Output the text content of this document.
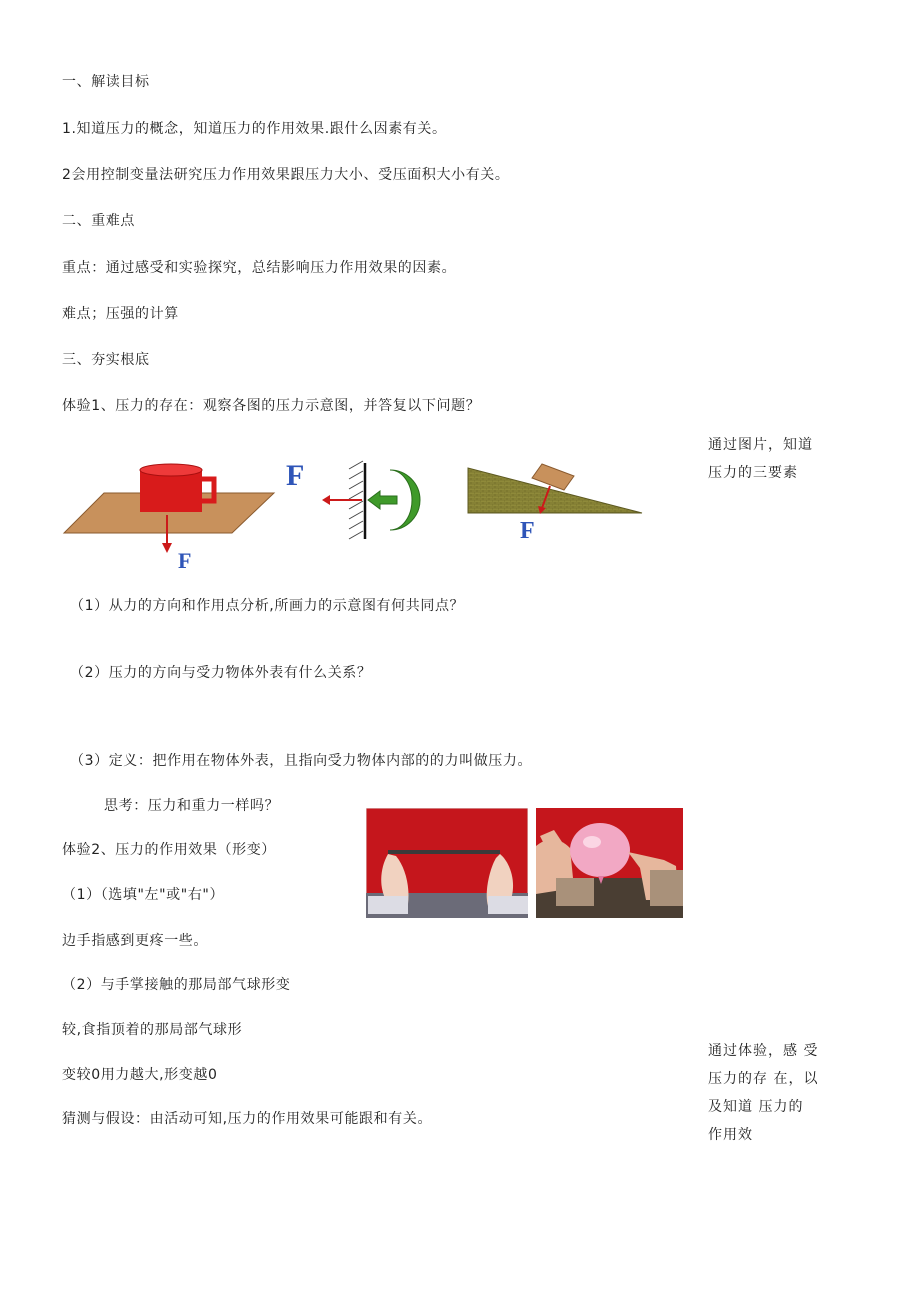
一、解读目标
1.知道压力的概念，知道压力的作用效果.跟什么因素有关。
2会用控制变量法研究压力作用效果跟压力大小、受压面积大小有关。
二、重难点
重点：通过感受和实验探究，总结影响压力作用效果的因素。
难点；压强的计算
三、夯实根底
体验1、压力的存在：观察各图的压力示意图，并答复以下问题？
通过图片，知道
压力的三要素
F
F
F
（1）从力的方向和作用点分析,所画力的示意图有何共同点？
（2）压力的方向与受力物体外表有什么关系？
（3）定义：把作用在物体外表，且指向受力物体内部的的力叫做压力。
思考：压力和重力一样吗？
体验2、压力的作用效果（形变）
（1）（选填"左"或"右"）
边手指感到更疼一些。
（2）与手掌接触的那局部气球形变
较,食指顶着的那局部气球形
变较0用力越大,形变越0
猜测与假设：由活动可知,压力的作用效果可能跟和有关。
通过体验，感 受
压力的存 在，以
及知道 压力的
作用效
